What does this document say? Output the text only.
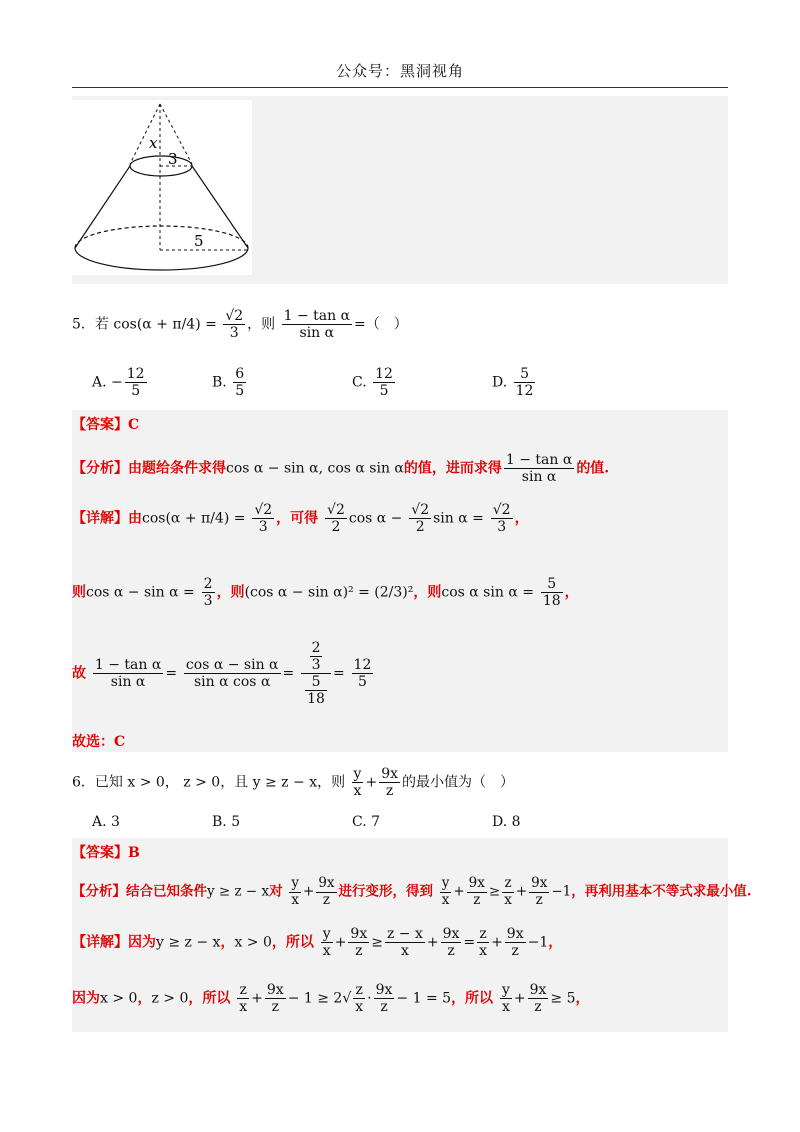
公众号：黑洞视角
x
3
5
5．若 $\cos(\alpha + \pi/4) = \frac{√2}{3}$ ，则 $\frac{\text{1 − tan α}}{\text{sin α}}$ =（　）
A. − $\frac{12}{5}$	B. $\frac{6}{5}$	C. $\frac{12}{5}$	D. $\frac{5}{12}$
【答案】C
【分析】由题给条件求得cos α − sin α, cos α sin α的值，进而求得 $\frac{\text{1 − tan α}}{\text{sin α}}$ 的值.
【详解】由$\cos(\alpha + \pi/4) = \frac{√2}{3}$ ，可得 $\frac{√2}{2}$ $\cos \alpha - \frac{√2}{2}$ $\sin \alpha = \frac{√2}{3}$ ，
则$\cos \alpha - \sin \alpha = \frac{2}{3}$ ，则(cos α − sin α)² = (2/3)²，则cos α $\sin \alpha = \frac{5}{18}$ ，
故 $\frac{\text{1 − tan α}}{\text{sin α}} = \frac{\text{cos α − sin α}}{\text{sin α cos α}} = \frac{\frac{2}{3}}{\frac{5}{18}} = \frac{12}{5}$
故选：C
6．已知 x > 0， z > 0，且 y ≥ z − x，则 $\frac{y}{x} + \frac{9x}{z}$ 的最小值为（　）
A. 3	B. 5	C. 7	D. 8
【答案】B
【分析】结合已知条件y ≥ z − x对 $\frac{y}{x} + \frac{9x}{z}$ 进行变形，得到 $\frac{y}{x} + \frac{9x}{z} \ge \frac{z}{x} + \frac{9x}{z} -1$，再利用基本不等式求最小值.
【详解】因为y ≥ z − x，x > 0，所以 $\frac{y}{x} + \frac{9x}{z} \ge \frac{z - x}{x} + \frac{9x}{z} = \frac{z}{x} + \frac{9x}{z} -1$，
因为x > 0，z > 0，所以 $\frac{z}{x} + \frac{9x}{z} - 1 \ge 2√ \frac{z}{x} \cdot \frac{9x}{z} - 1 = 5$，所以 $\frac{y}{x} + \frac{9x}{z} \ge 5$，
